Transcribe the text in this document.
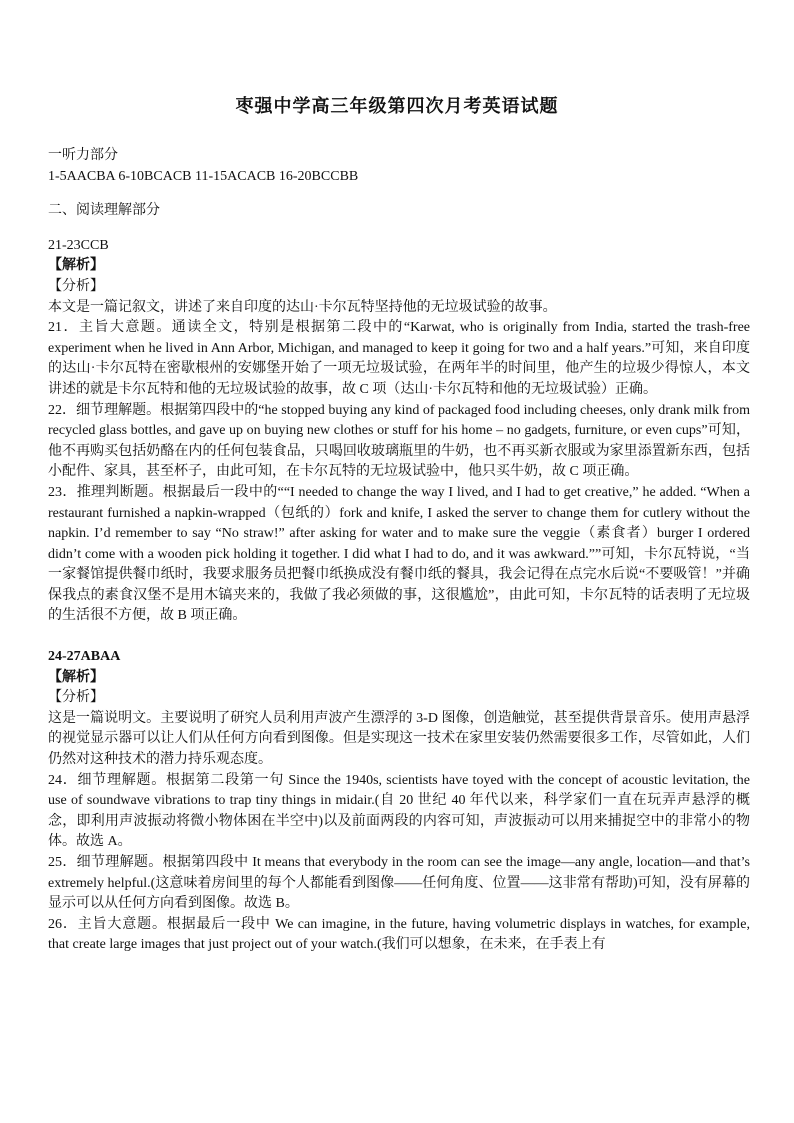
枣强中学高三年级第四次月考英语试题
一听力部分
1-5AACBA 6-10BCACB 11-15ACACB 16-20BCCBB
二、阅读理解部分
21-23CCB
【解析】
【分析】
本文是一篇记叙文，讲述了来自印度的达山·卡尔瓦特坚持他的无垃圾试验的故事。
21．主旨大意题。通读全文，特别是根据第二段中的“Karwat, who is originally from India, started the trash-free experiment when he lived in Ann Arbor, Michigan, and managed to keep it going for two and a half years.”可知，来自印度的达山·卡尔瓦特在密歇根州的安娜堡开始了一项无垃圾试验，在两年半的时间里，他产生的垃圾少得惊人，本文讲述的就是卡尔瓦特和他的无垃圾试验的故事，故 C 项（达山·卡尔瓦特和他的无垃圾试验）正确。
22．细节理解题。根据第四段中的“he stopped buying any kind of packaged food including cheeses, only drank milk from recycled glass bottles, and gave up on buying new clothes or stuff for his home – no gadgets, furniture, or even cups”可知，他不再购买包括奶酪在内的任何包装食品，只喝回收玻璃瓶里的牛奶，也不再买新衣服或为家里添置新东西，包括小配件、家具，甚至杯子，由此可知，在卡尔瓦特的无垃圾试验中，他只买牛奶，故 C 项正确。
23．推理判断题。根据最后一段中的““I needed to change the way I lived, and I had to get creative,” he added. “When a restaurant furnished a napkin-wrapped（包纸的）fork and knife, I asked the server to change them for cutlery without the napkin. I’d remember to say “No straw!” after asking for water and to make sure the veggie（素食者）burger I ordered didn’t come with a wooden pick holding it together. I did what I had to do, and it was awkward.””可知，卡尔瓦特说，“当一家餐馆提供餐巾纸时，我要求服务员把餐巾纸换成没有餐巾纸的餐具，我会记得在点完水后说“不要吸管！”并确保我点的素食汉堡不是用木镐夹来的，我做了我必须做的事，这很尴尬”，由此可知，卡尔瓦特的话表明了无垃圾的生活很不方便，故 B 项正确。
24-27ABAA
【解析】
【分析】
这是一篇说明文。主要说明了研究人员利用声波产生漂浮的 3-D 图像，创造触觉，甚至提供背景音乐。使用声悬浮的视觉显示器可以让人们从任何方向看到图像。但是实现这一技术在家里安装仍然需要很多工作，尽管如此，人们仍然对这种技术的潜力持乐观态度。
24．细节理解题。根据第二段第一句 Since the 1940s, scientists have toyed with the concept of acoustic levitation, the use of soundwave vibrations to trap tiny things in midair.(自 20 世纪 40 年代以来，科学家们一直在玩弄声悬浮的概念，即利用声波振动将微小物体困在半空中)以及前面两段的内容可知，声波振动可以用来捕捉空中的非常小的物体。故选 A。
25．细节理解题。根据第四段中 It means that everybody in the room can see the image—any angle, location—and that’s extremely helpful.(这意味着房间里的每个人都能看到图像——任何角度、位置——这非常有帮助)可知，没有屏幕的显示可以从任何方向看到图像。故选 B。
26．主旨大意题。根据最后一段中 We can imagine, in the future, having volumetric displays in watches, for example, that create large images that just project out of your watch.(我们可以想象，在未来，在手表上有
